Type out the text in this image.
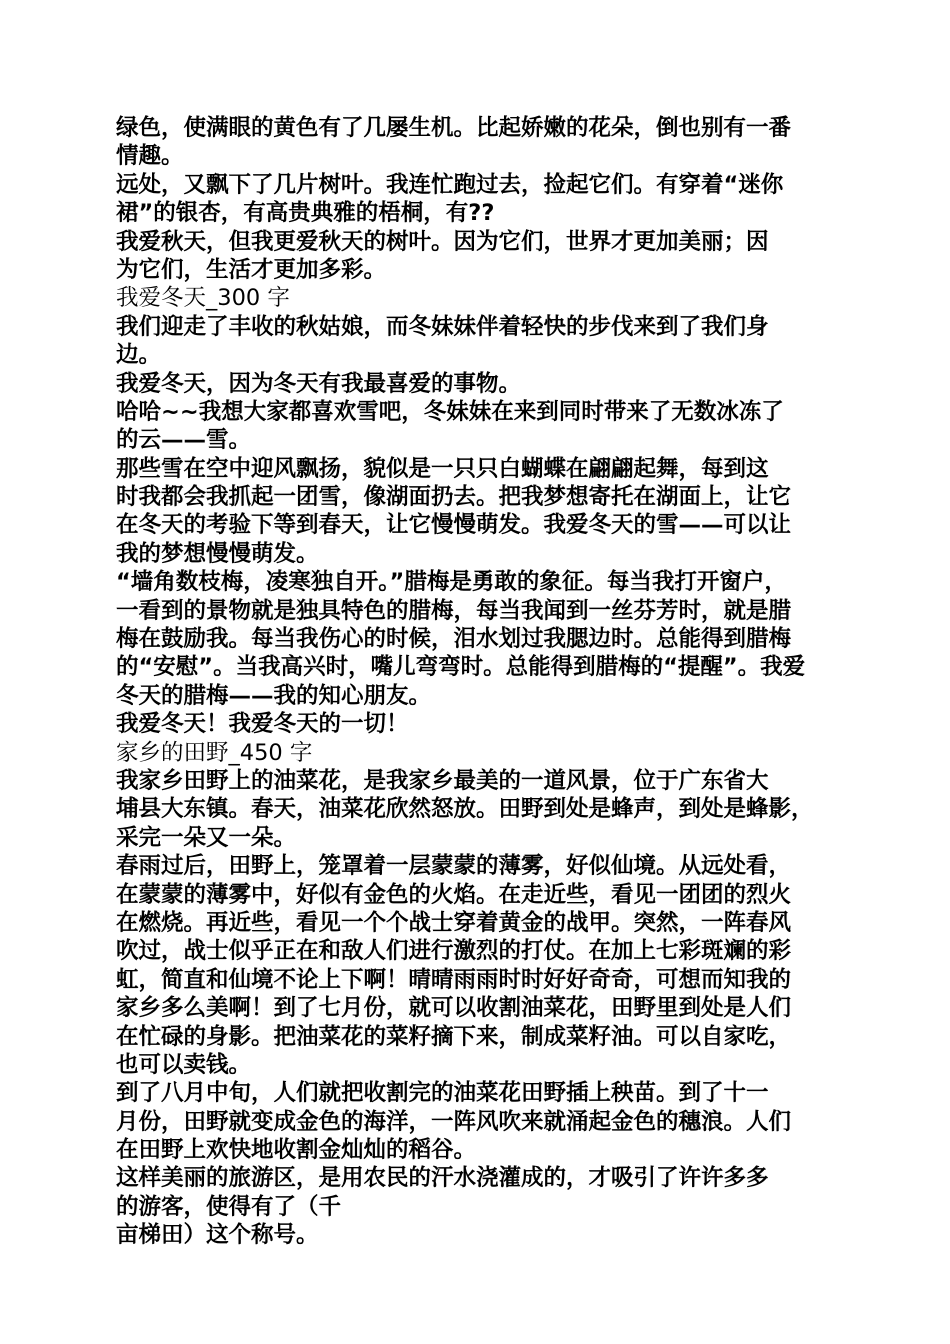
绿色，使满眼的黄色有了几屡生机。比起娇嫩的花朵，倒也别有一番
情趣。
远处，又飘下了几片树叶。我连忙跑过去，捡起它们。有穿着“迷你
裙”的银杏，有高贵典雅的梧桐，有??
我爱秋天，但我更爱秋天的树叶。因为它们，世界才更加美丽；因
为它们，生活才更加多彩。
我爱冬天_300 字
我们迎走了丰收的秋姑娘，而冬妹妹伴着轻快的步伐来到了我们身
边。
我爱冬天，因为冬天有我最喜爱的事物。
哈哈~~我想大家都喜欢雪吧，冬妹妹在来到同时带来了无数冰冻了
的云——雪。
那些雪在空中迎风飘扬，貌似是一只只白蝴蝶在翩翩起舞，每到这
时我都会我抓起一团雪，像湖面扔去。把我梦想寄托在湖面上，让它
在冬天的考验下等到春天，让它慢慢萌发。我爱冬天的雪——可以让
我的梦想慢慢萌发。
“墙角数枝梅，凌寒独自开。”腊梅是勇敢的象征。每当我打开窗户，
一看到的景物就是独具特色的腊梅，每当我闻到一丝芬芳时，就是腊
梅在鼓励我。每当我伤心的时候，泪水划过我腮边时。总能得到腊梅
的“安慰”。当我高兴时，嘴儿弯弯时。总能得到腊梅的“提醒”。我爱
冬天的腊梅——我的知心朋友。
我爱冬天！我爱冬天的一切！
家乡的田野_450 字
我家乡田野上的油菜花，是我家乡最美的一道风景，位于广东省大
埔县大东镇。春天，油菜花欣然怒放。田野到处是蜂声，到处是蜂影，
采完一朵又一朵。
春雨过后，田野上，笼罩着一层蒙蒙的薄雾，好似仙境。从远处看，
在蒙蒙的薄雾中，好似有金色的火焰。在走近些，看见一团团的烈火
在燃烧。再近些，看见一个个战士穿着黄金的战甲。突然，一阵春风
吹过，战士似乎正在和敌人们进行激烈的打仗。在加上七彩斑斓的彩
虹，简直和仙境不论上下啊！晴晴雨雨时时好好奇奇，可想而知我的
家乡多么美啊！到了七月份，就可以收割油菜花，田野里到处是人们
在忙碌的身影。把油菜花的菜籽摘下来，制成菜籽油。可以自家吃，
也可以卖钱。
到了八月中旬，人们就把收割完的油菜花田野插上秧苗。到了十一
月份，田野就变成金色的海洋，一阵风吹来就涌起金色的穗浪。人们
在田野上欢快地收割金灿灿的稻谷。
这样美丽的旅游区，是用农民的汗水浇灌成的，才吸引了许许多多
的游客，使得有了（千
亩梯田）这个称号。
